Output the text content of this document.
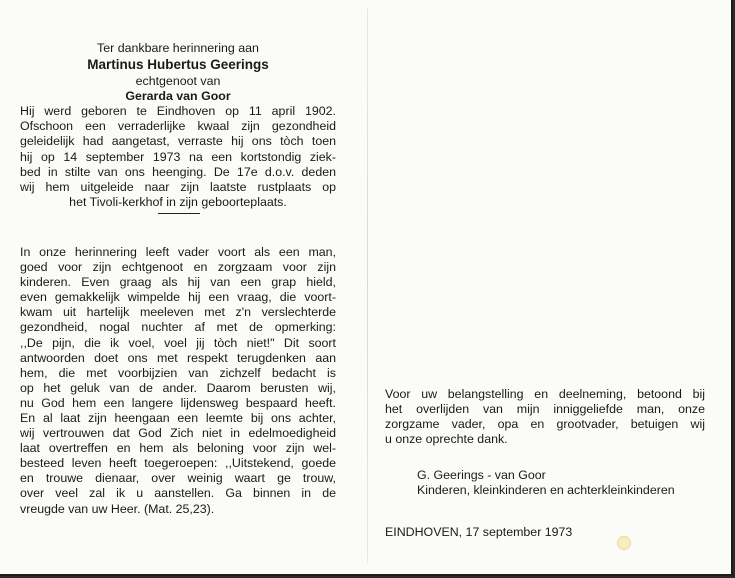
Ter dankbare herinnering aan
Martinus Hubertus Geerings
echtgenoot van
Gerarda van Goor
Hij werd geboren te Eindhoven op 11 april 1902.
Ofschoon een verraderlijke kwaal zijn gezondheid
geleidelijk had aangetast, verraste hij ons tòch toen
hij op 14 september 1973 na een kortstondig ziek-
bed in stilte van ons heenging. De 17e d.o.v. deden
wij hem uitgeleide naar zijn laatste rustplaats op
het Tivoli-kerkhof in zijn geboorteplaats.
In onze herinnering leeft vader voort als een man,
goed voor zijn echtgenoot en zorgzaam voor zijn
kinderen. Even graag als hij van een grap hield,
even gemakkelijk wimpelde hij een vraag, die voort-
kwam uit hartelijk meeleven met z'n verslechterde
gezondheid, nogal nuchter af met de opmerking:
,,De pijn, die ik voel, voel jij tòch niet!" Dit soort
antwoorden doet ons met respekt terugdenken aan
hem, die met voorbijzien van zichzelf bedacht is
op het geluk van de ander. Daarom berusten wij,
nu God hem een langere lijdensweg bespaard heeft.
En al laat zijn heengaan een leemte bij ons achter,
wij vertrouwen dat God Zich niet in edelmoedigheid
laat overtreffen en hem als beloning voor zijn wel-
besteed leven heeft toegeroepen: ,,Uitstekend, goede
en trouwe dienaar, over weinig waart ge trouw,
over veel zal ik u aanstellen. Ga binnen in de
vreugde van uw Heer. (Mat. 25,23).
Voor uw belangstelling en deelneming, betoond bij
het overlijden van mijn inniggeliefde man, onze
zorgzame vader, opa en grootvader, betuigen wij
u onze oprechte dank.
G. Geerings - van Goor
Kinderen, kleinkinderen en achterkleinkinderen
EINDHOVEN, 17 september 1973
